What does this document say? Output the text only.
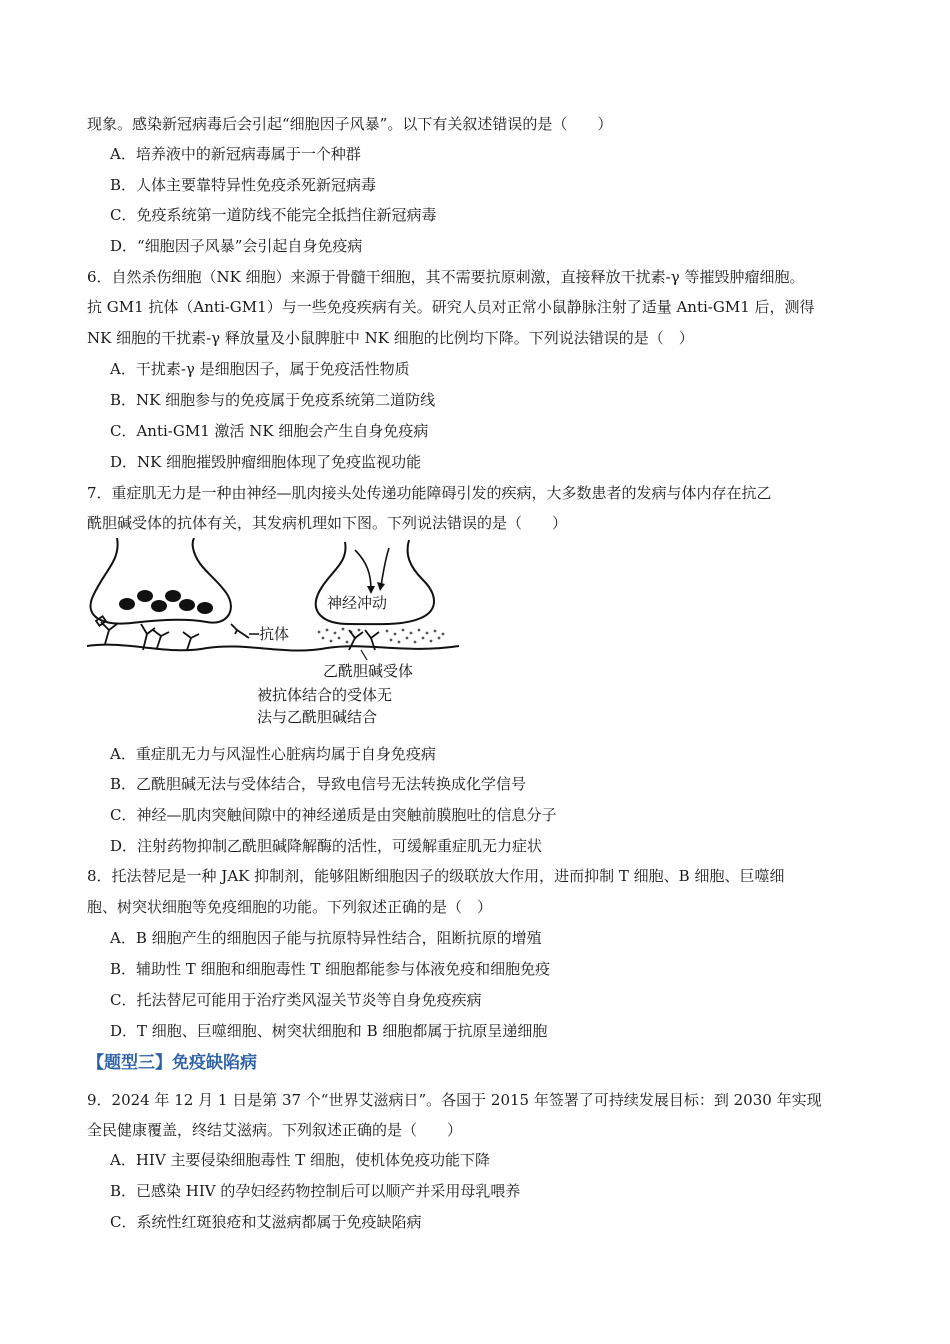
现象。感染新冠病毒后会引起“细胞因子风暴”。以下有关叙述错误的是（　　）
A．培养液中的新冠病毒属于一个种群
B．人体主要靠特异性免疫杀死新冠病毒
C．免疫系统第一道防线不能完全抵挡住新冠病毒
D．“细胞因子风暴”会引起自身免疫病
6．自然杀伤细胞（NK 细胞）来源于骨髓干细胞，其不需要抗原刺激，直接释放干扰素-γ 等摧毁肿瘤细胞。
抗 GM1 抗体（Anti-GM1）与一些免疫疾病有关。研究人员对正常小鼠静脉注射了适量 Anti-GM1 后，测得
NK 细胞的干扰素-γ 释放量及小鼠脾脏中 NK 细胞的比例均下降。下列说法错误的是（　）
A．干扰素-γ 是细胞因子，属于免疫活性物质
B．NK 细胞参与的免疫属于免疫系统第二道防线
C．Anti-GM1 激活 NK 细胞会产生自身免疫病
D．NK 细胞摧毁肿瘤细胞体现了免疫监视功能
7．重症肌无力是一种由神经—肌肉接头处传递功能障碍引发的疾病，大多数患者的发病与体内存在抗乙
酰胆碱受体的抗体有关，其发病机理如下图。下列说法错误的是（　　）
神经冲动
抗体
乙酰胆碱受体
被抗体结合的受体无
法与乙酰胆碱结合
A．重症肌无力与风湿性心脏病均属于自身免疫病
B．乙酰胆碱无法与受体结合，导致电信号无法转换成化学信号
C．神经—肌肉突触间隙中的神经递质是由突触前膜胞吐的信息分子
D．注射药物抑制乙酰胆碱降解酶的活性，可缓解重症肌无力症状
8．托法替尼是一种 JAK 抑制剂，能够阻断细胞因子的级联放大作用，进而抑制 T 细胞、B 细胞、巨噬细
胞、树突状细胞等免疫细胞的功能。下列叙述正确的是（　）
A．B 细胞产生的细胞因子能与抗原特异性结合，阻断抗原的增殖
B．辅助性 T 细胞和细胞毒性 T 细胞都能参与体液免疫和细胞免疫
C．托法替尼可能用于治疗类风湿关节炎等自身免疫疾病
D．T 细胞、巨噬细胞、树突状细胞和 B 细胞都属于抗原呈递细胞
【题型三】免疫缺陷病
9．2024 年 12 月 1 日是第 37 个“世界艾滋病日”。各国于 2015 年签署了可持续发展目标：到 2030 年实现
全民健康覆盖，终结艾滋病。下列叙述正确的是（　　）
A．HIV 主要侵染细胞毒性 T 细胞，使机体免疫功能下降
B．已感染 HIV 的孕妇经药物控制后可以顺产并采用母乳喂养
C．系统性红斑狼疮和艾滋病都属于免疫缺陷病
